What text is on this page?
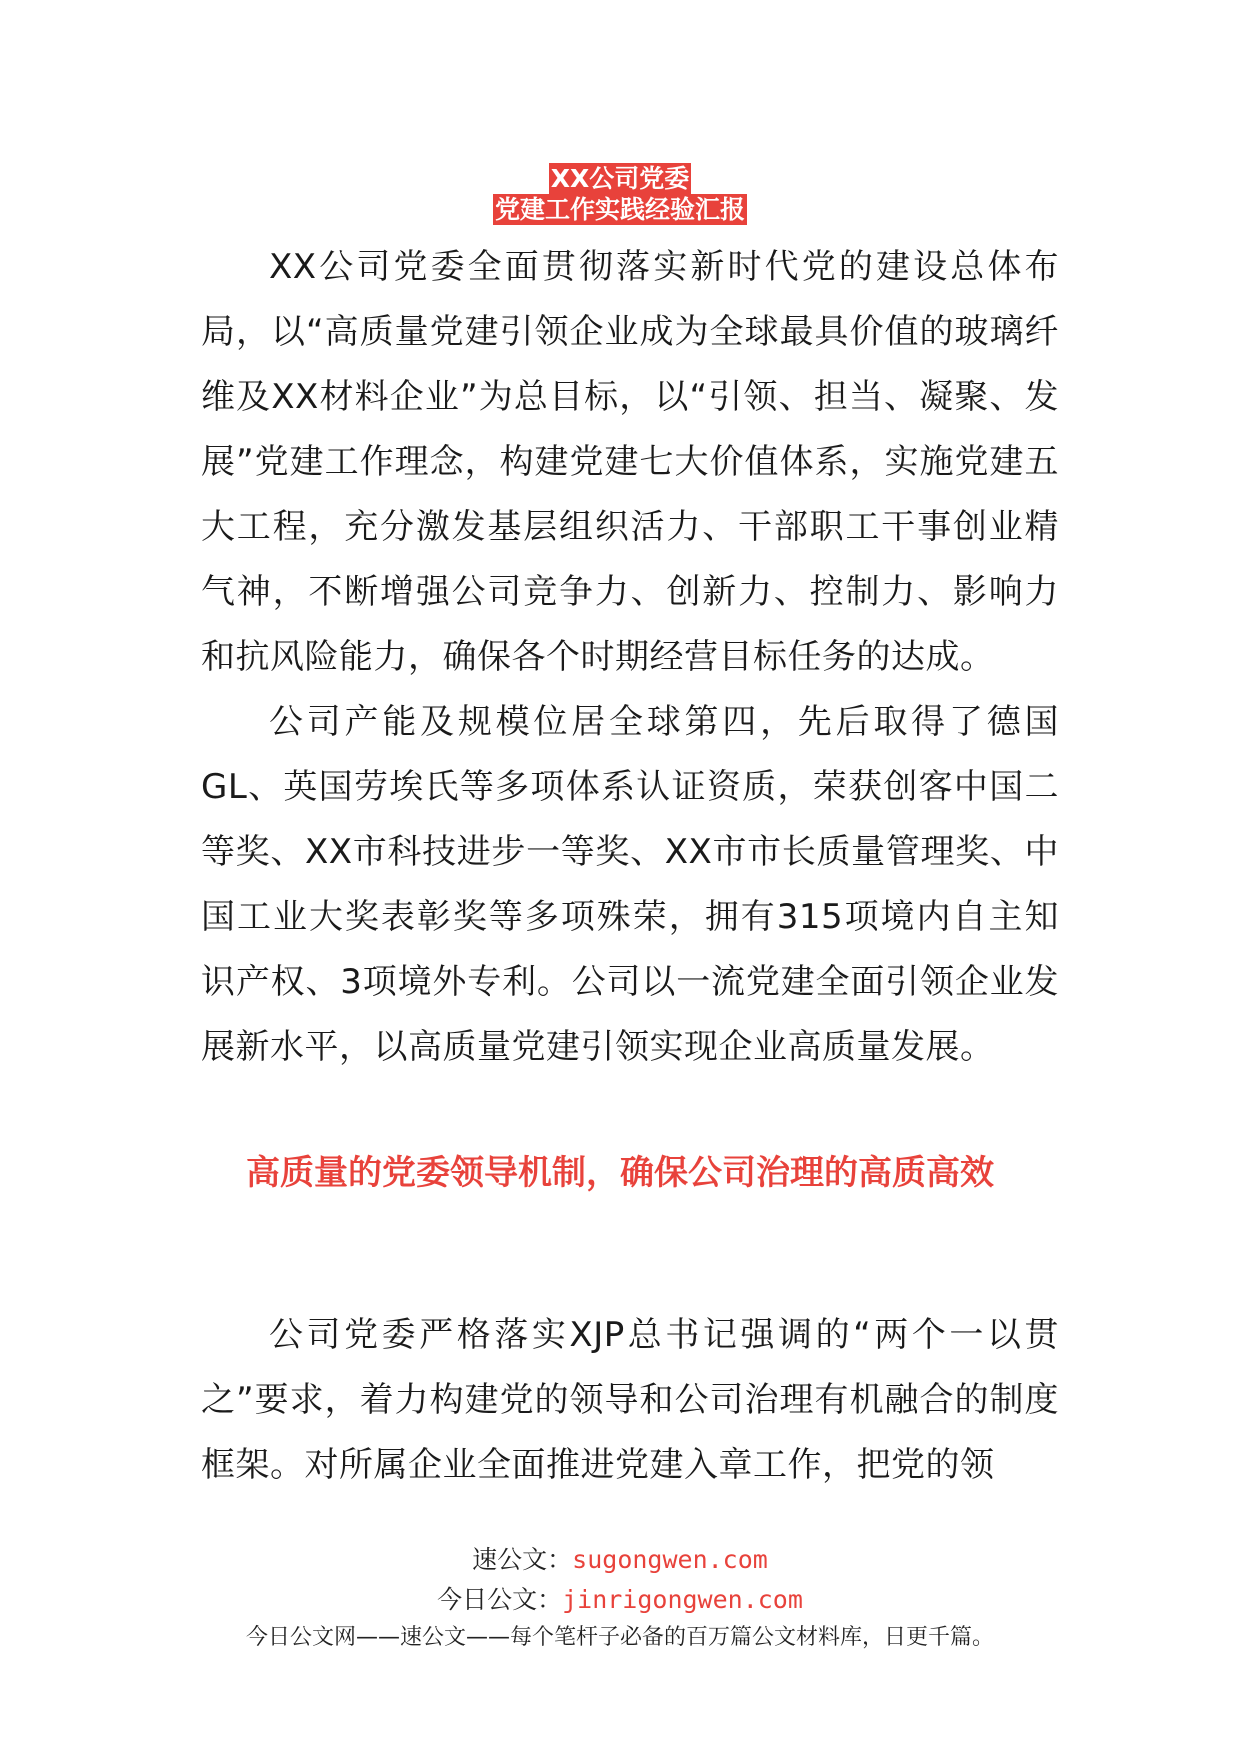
XX公司党委
党建工作实践经验汇报

XX公司党委全面贯彻落实新时代党的建设总体布局，以“高质量党建引领企业成为全球最具价值的玻璃纤维及XX材料企业”为总目标，以“引领、担当、凝聚、发展”党建工作理念，构建党建七大价值体系，实施党建五大工程，充分激发基层组织活力、干部职工干事创业精气神，不断增强公司竞争力、创新力、控制力、影响力和抗风险能力，确保各个时期经营目标任务的达成。

公司产能及规模位居全球第四，先后取得了德国GL、英国劳埃氏等多项体系认证资质，荣获创客中国二等奖、XX市科技进步一等奖、XX市市长质量管理奖、中国工业大奖表彰奖等多项殊荣，拥有315项境内自主知识产权、3项境外专利。公司以一流党建全面引领企业发展新水平，以高质量党建引领实现企业高质量发展。

高质量的党委领导机制，确保公司治理的高质高效

公司党委严格落实XJP总书记强调的“两个一以贯之”要求，着力构建党的领导和公司治理有机融合的制度框架。对所属企业全面推进党建入章工作，把党的领

速公文：sugongwen.com
今日公文：jinrigongwen.com
今日公文网——速公文——每个笔杆子必备的百万篇公文材料库，日更千篇。
